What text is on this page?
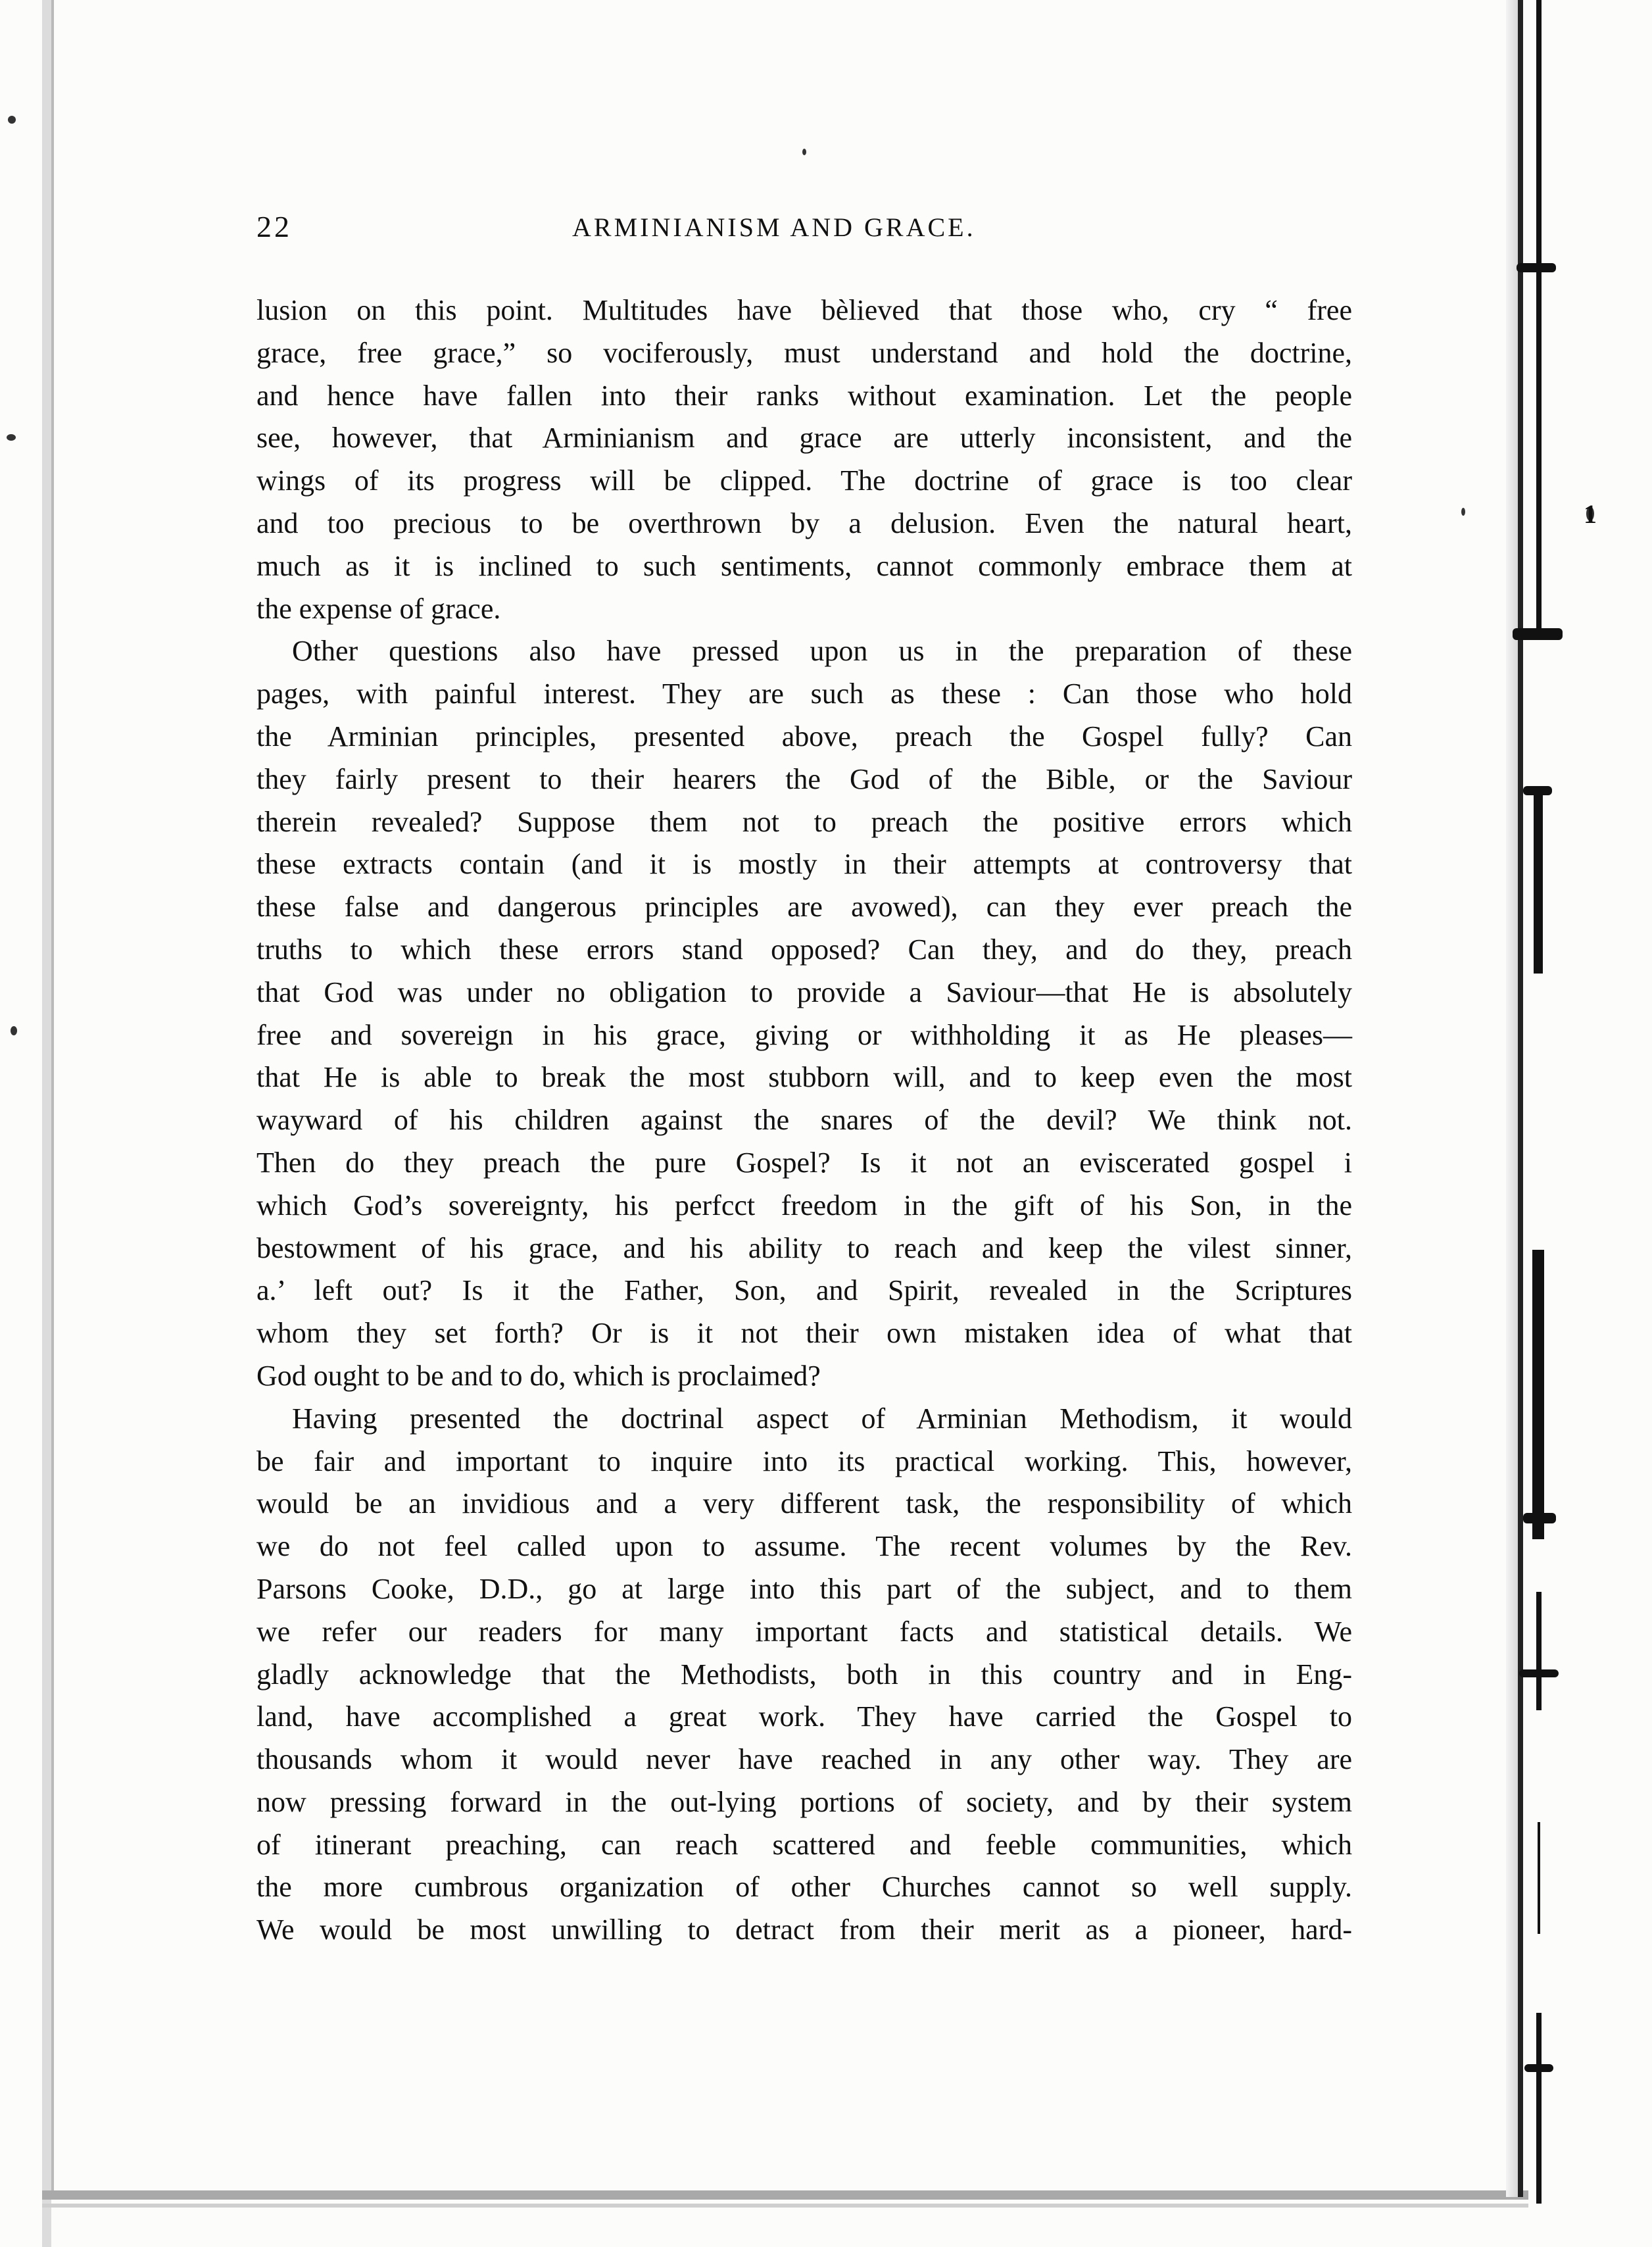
22	ARMINIANISM AND GRACE.
lusion on this point. Multitudes have bèlieved that those who, cry “ free
grace, free grace,” so vociferously, must understand and hold the doctrine,
and hence have fallen into their ranks without examination. Let the people
see, however, that Arminianism and grace are utterly inconsistent, and the
wings of its progress will be clipped. The doctrine of grace is too clear
and too precious to be overthrown by a delusion. Even the natural heart,
much as it is inclined to such sentiments, cannot commonly embrace them at
the expense of grace.
Other questions also have pressed upon us in the preparation of these
pages, with painful interest. They are such as these : Can those who hold
the Arminian principles, presented above, preach the Gospel fully? Can
they fairly present to their hearers the God of the Bible, or the Saviour
therein revealed? Suppose them not to preach the positive errors which
these extracts contain (and it is mostly in their attempts at controversy that
these false and dangerous principles are avowed), can they ever preach the
truths to which these errors stand opposed? Can they, and do they, preach
that God was under no obligation to provide a Saviour—that He is absolutely
free and sovereign in his grace, giving or withholding it as He pleases—
that He is able to break the most stubborn will, and to keep even the most
wayward of his children against the snares of the devil? We think not.
Then do they preach the pure Gospel? Is it not an eviscerated gospel i
which God’s sovereignty, his perfcct freedom in the gift of his Son, in the
bestowment of his grace, and his ability to reach and keep the vilest sinner,
a.’ left out? Is it the Father, Son, and Spirit, revealed in the Scriptures
whom they set forth? Or is it not their own mistaken idea of what that
God ought to be and to do, which is proclaimed?
Having presented the doctrinal aspect of Arminian Methodism, it would
be fair and important to inquire into its practical working. This, however,
would be an invidious and a very different task, the responsibility of which
we do not feel called upon to assume. The recent volumes by the Rev.
Parsons Cooke, D.D., go at large into this part of the subject, and to them
we refer our readers for many important facts and statistical details. We
gladly acknowledge that the Methodists, both in this country and in Eng-
land, have accomplished a great work. They have carried the Gospel to
thousands whom it would never have reached in any other way. They are
now pressing forward in the out-lying portions of society, and by their system
of itinerant preaching, can reach scattered and feeble communities, which
the more cumbrous organization of other Churches cannot so well supply.
We would be most unwilling to detract from their merit as a pioneer, hard-
1
